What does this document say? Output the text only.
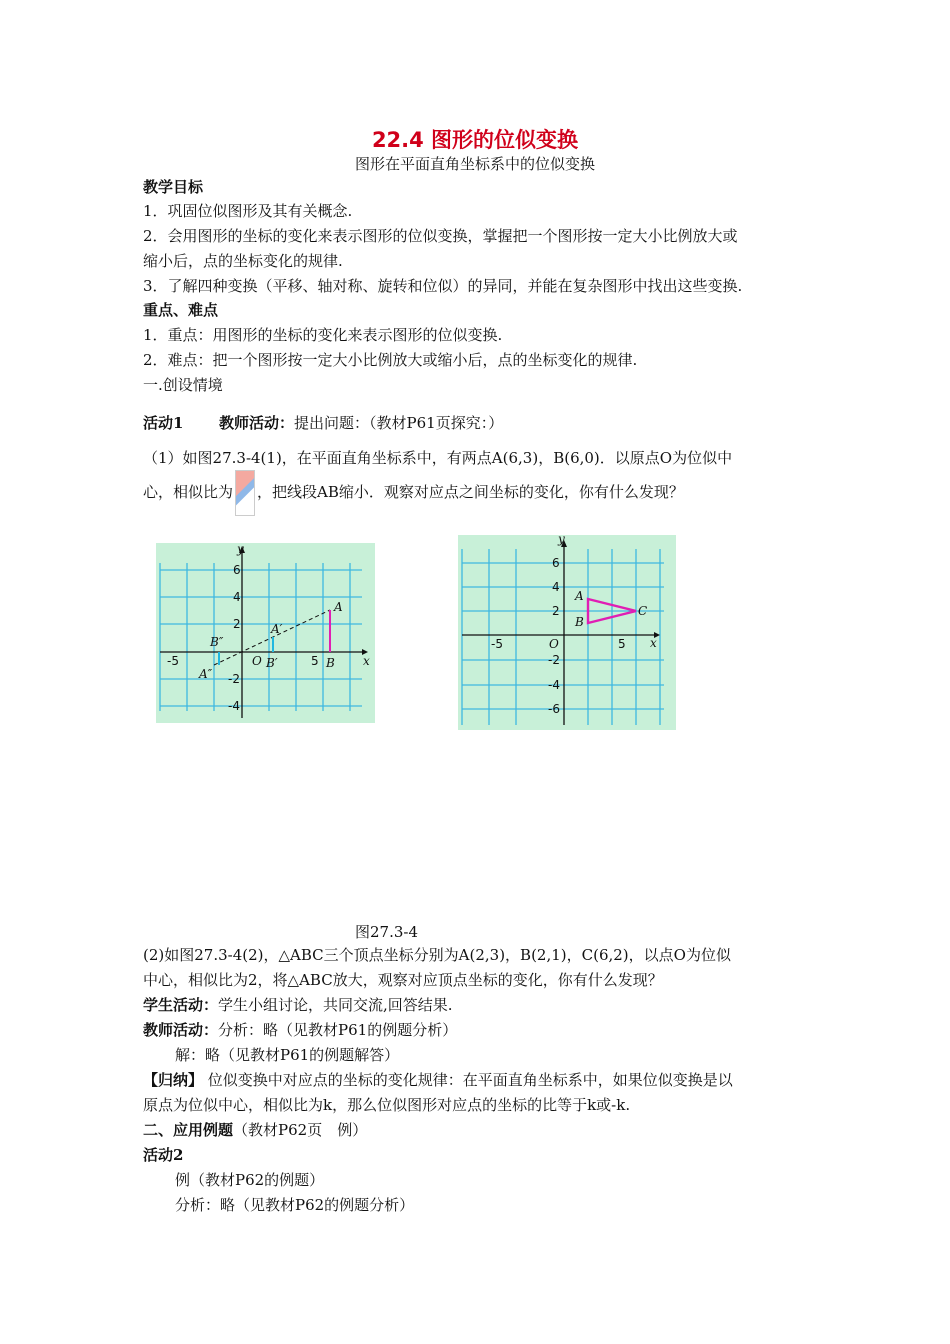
22.4 图形的位似变换
图形在平面直角坐标系中的位似变换
教学目标
1．巩固位似图形及其有关概念.
2．会用图形的坐标的变化来表示图形的位似变换，掌握把一个图形按一定大小比例放大或
缩小后，点的坐标变化的规律.
3．了解四种变换（平移、轴对称、旋转和位似）的异同，并能在复杂图形中找出这些变换.
重点、难点
1．重点：用图形的坐标的变化来表示图形的位似变换.
2．难点：把一个图形按一定大小比例放大或缩小后，点的坐标变化的规律.
一.创设情境
活动1 教师活动：提出问题：（教材P61页探究：）
（1）如图27.3-4(1)，在平面直角坐标系中，有两点A(6,3)，B(6,0)．以原点O为位似中
心，相似比为 ，把线段AB缩小．观察对应点之间坐标的变化，你有什么发现？
y
x
O
A
B
A′
B′
A″
B″
6
4
2
-2
-4
-5	5
y
x
O
A
B
C
6
4
2
-2
-4
-6
-5	5
图27.3-4
(2)如图27.3-4(2)，△ABC三个顶点坐标分别为A(2,3)，B(2,1)，C(6,2)，以点O为位似
中心，相似比为2，将△ABC放大，观察对应顶点坐标的变化，你有什么发现？
学生活动：学生小组讨论，共同交流,回答结果.
教师活动：分析：略（见教材P61的例题分析）
解：略（见教材P61的例题解答）
【归纳】 位似变换中对应点的坐标的变化规律：在平面直角坐标系中，如果位似变换是以
原点为位似中心，相似比为k，那么位似图形对应点的坐标的比等于k或-k.
二、应用例题（教材P62页　例）
活动2
例（教材P62的例题）
分析：略（见教材P62的例题分析）
